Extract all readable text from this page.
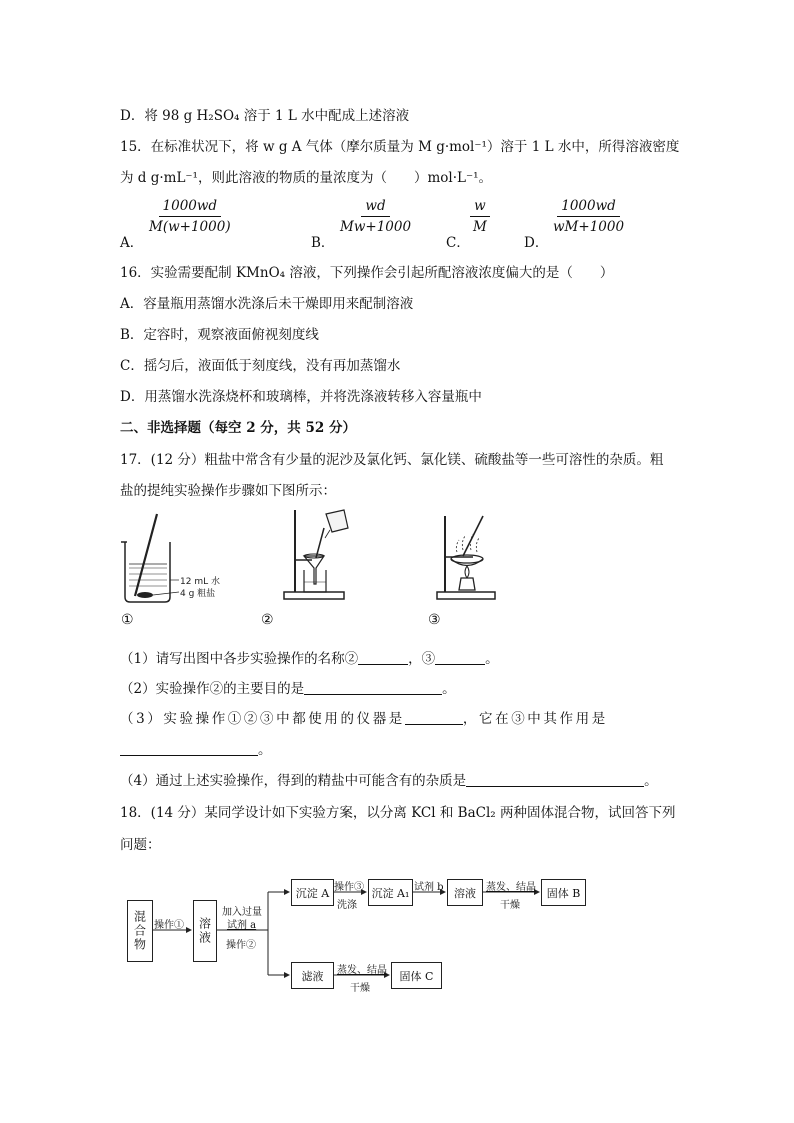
D．将 98 g H₂SO₄ 溶于 1 L 水中配成上述溶液
15．在标准状况下，将 w g A 气体（摩尔质量为 M g·mol⁻¹）溶于 1 L 水中，所得溶液密度
为 d g·mL⁻¹，则此溶液的物质的量浓度为（　　）mol·L⁻¹。
A．
$\frac{1000wd}{M(w+1000)}$
B．
$\frac{wd}{Mw+1000}$
C．
$\frac{w}{M}$
D．
$\frac{1000wd}{wM+1000}$
16．实验需要配制 KMnO₄ 溶液，下列操作会引起所配溶液浓度偏大的是（　　）
A．容量瓶用蒸馏水洗涤后未干燥即用来配制溶液
B．定容时，观察液面俯视刻度线
C．摇匀后，液面低于刻度线，没有再加蒸馏水
D．用蒸馏水洗涤烧杯和玻璃棒，并将洗涤液转移入容量瓶中
二、非选择题（每空 2 分，共 52 分）
17．(12 分）粗盐中常含有少量的泥沙及氯化钙、氯化镁、硫酸盐等一些可溶性的杂质。粗
盐的提纯实验操作步骤如下图所示：
12 mL 水
4 g 粗盐
①	②	③
（1）请写出图中各步实验操作的名称②	，③	。
（2）实验操作②的主要目的是	。
（3）实验操作①②③中都使用的仪器是	，它在③中其作用是
。
（4）通过上述实验操作，得到的精盐中可能含有的杂质是	。
18．(14 分）某同学设计如下实验方案，以分离 KCl 和 BaCl₂ 两种固体混合物，试回答下列
问题：
混合物	溶液
沉淀 A	沉淀 A₁	溶液	固体 B
滤液	固体 C
操作①
加入过量
试剂 a
操作②
操作③
洗涤
试剂 b	蒸发、结晶
干燥
蒸发、结晶
干燥
